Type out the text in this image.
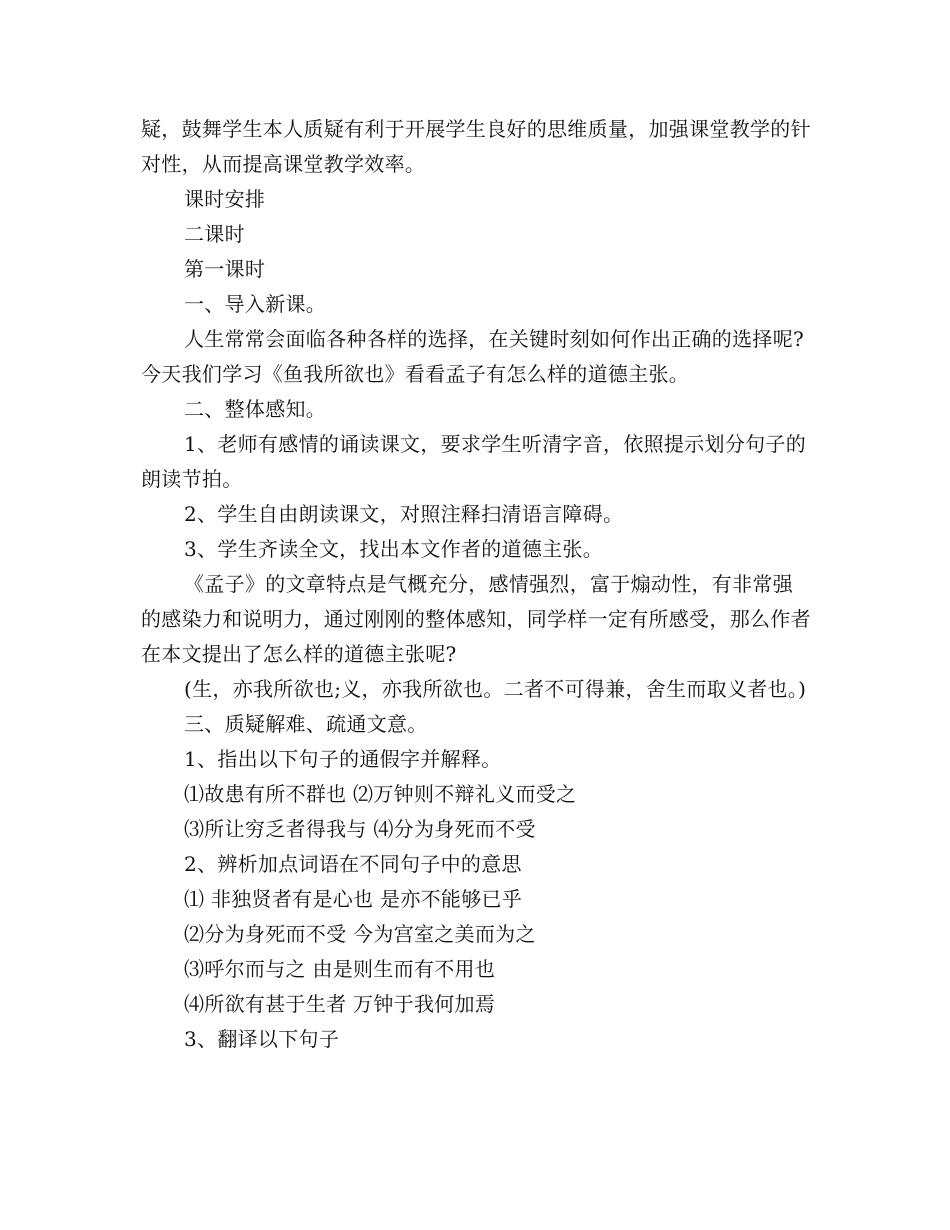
疑，鼓舞学生本人质疑有利于开展学生良好的思维质量，加强课堂教学的针对性，从而提高课堂教学效率。

课时安排

二课时

第一课时

一、导入新课。

人生常常会面临各种各样的选择，在关键时刻如何作出正确的选择呢?今天我们学习《鱼我所欲也》看看孟子有怎么样的道德主张。

二、整体感知。

1、老师有感情的诵读课文，要求学生听清字音，依照提示划分句子的朗读节拍。

2、学生自由朗读课文，对照注释扫清语言障碍。

3、学生齐读全文，找出本文作者的道德主张。

《孟子》的文章特点是气概充分，感情强烈，富于煽动性，有非常强的感染力和说明力，通过刚刚的整体感知，同学样一定有所感受，那么作者在本文提出了怎么样的道德主张呢?

(生，亦我所欲也;义，亦我所欲也。二者不可得兼，舍生而取义者也。)

三、质疑解难、疏通文意。

1、指出以下句子的通假字并解释。

⑴故患有所不群也 ⑵万钟则不辩礼义而受之

⑶所让穷乏者得我与 ⑷分为身死而不受

2、辨析加点词语在不同句子中的意思

⑴ 非独贤者有是心也 是亦不能够已乎

⑵分为身死而不受 今为宫室之美而为之

⑶呼尔而与之 由是则生而有不用也

⑷所欲有甚于生者 万钟于我何加焉

3、翻译以下句子
